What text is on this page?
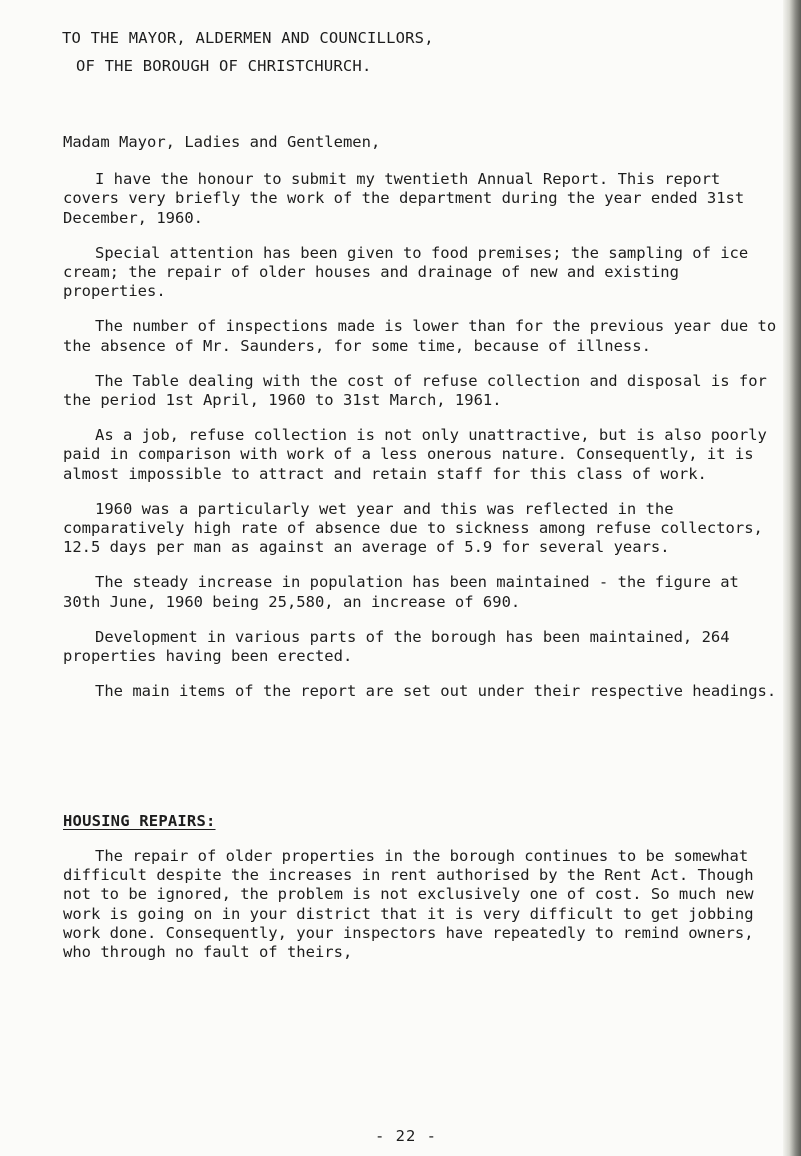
TO THE MAYOR, ALDERMEN AND COUNCILLORS,
OF THE BOROUGH OF CHRISTCHURCH.
Madam Mayor, Ladies and Gentlemen,
I have the honour to submit my twentieth Annual Report. This report covers very briefly the work of the department during the year ended 31st December, 1960.
Special attention has been given to food premises; the sampling of ice cream; the repair of older houses and drainage of new and existing properties.
The number of inspections made is lower than for the previous year due to the absence of Mr. Saunders, for some time, because of illness.
The Table dealing with the cost of refuse collection and disposal is for the period 1st April, 1960 to 31st March, 1961.
As a job, refuse collection is not only unattractive, but is also poorly paid in comparison with work of a less onerous nature. Consequently, it is almost impossible to attract and retain staff for this class of work.
1960 was a particularly wet year and this was reflected in the comparatively high rate of absence due to sickness among refuse collectors, 12.5 days per man as against an average of 5.9 for several years.
The steady increase in population has been maintained - the figure at 30th June, 1960 being 25,580, an increase of 690.
Development in various parts of the borough has been maintained, 264 properties having been erected.
The main items of the report are set out under their respective headings.
HOUSING REPAIRS:
The repair of older properties in the borough continues to be somewhat difficult despite the increases in rent authorised by the Rent Act. Though not to be ignored, the problem is not exclusively one of cost. So much new work is going on in your district that it is very difficult to get jobbing work done. Consequently, your inspectors have repeatedly to remind owners, who through no fault of theirs,
- 22 -
